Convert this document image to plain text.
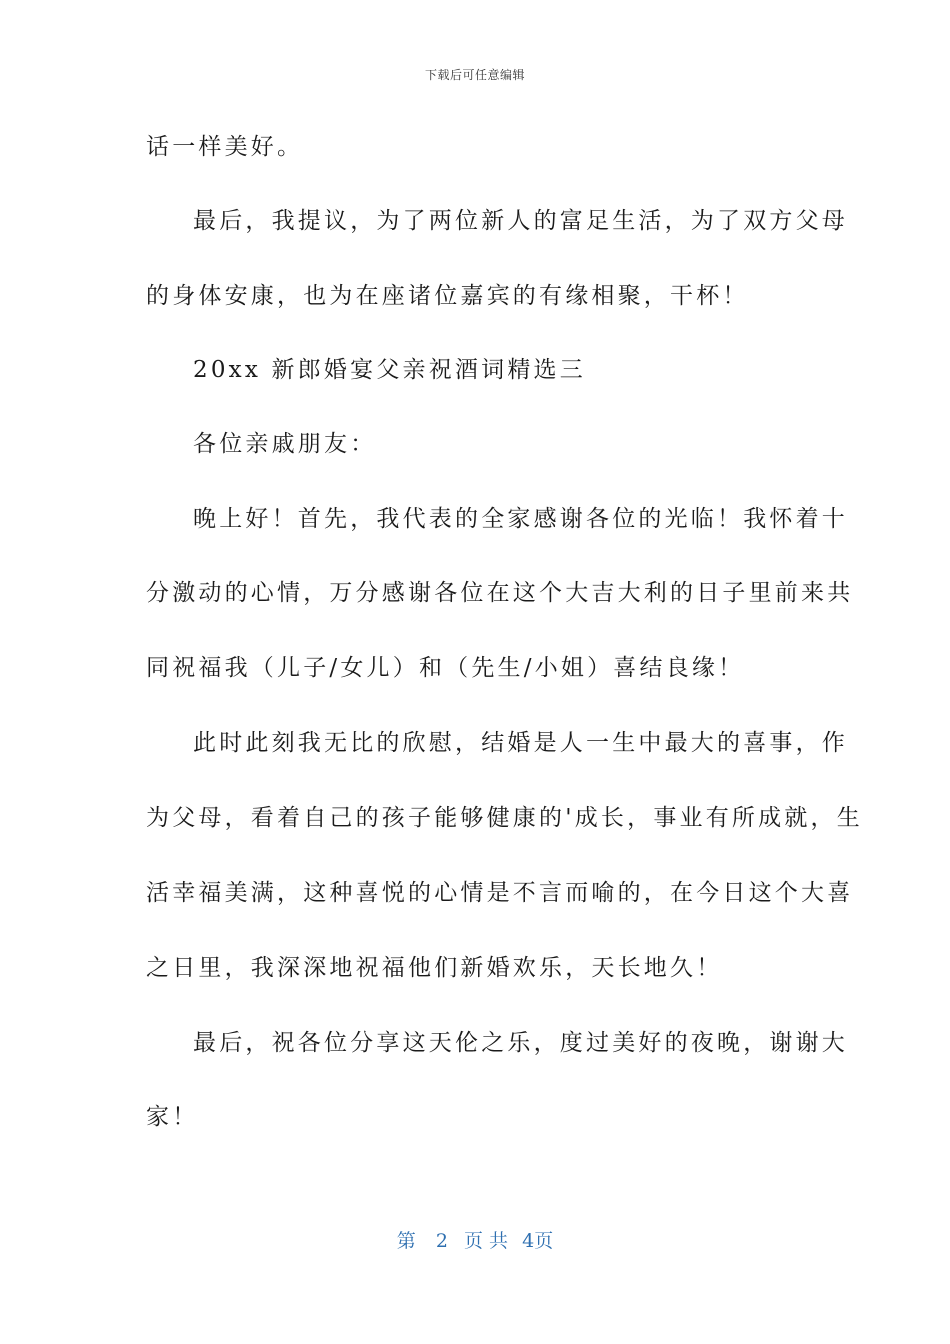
下载后可任意编辑
话一样美好。
最后，我提议，为了两位新人的富足生活，为了双方父母
的身体安康，也为在座诸位嘉宾的有缘相聚，干杯！
20xx 新郎婚宴父亲祝酒词精选三
各位亲戚朋友：
晚上好！首先，我代表的全家感谢各位的光临！我怀着十
分激动的心情，万分感谢各位在这个大吉大利的日子里前来共
同祝福我（儿子/女儿）和（先生/小姐）喜结良缘！
此时此刻我无比的欣慰，结婚是人一生中最大的喜事，作
为父母，看着自己的孩子能够健康的'成长，事业有所成就，生
活幸福美满，这种喜悦的心情是不言而喻的，在今日这个大喜
之日里，我深深地祝福他们新婚欢乐，天长地久！
最后，祝各位分享这天伦之乐，度过美好的夜晚，谢谢大
家！
第 2 页 共 4页
